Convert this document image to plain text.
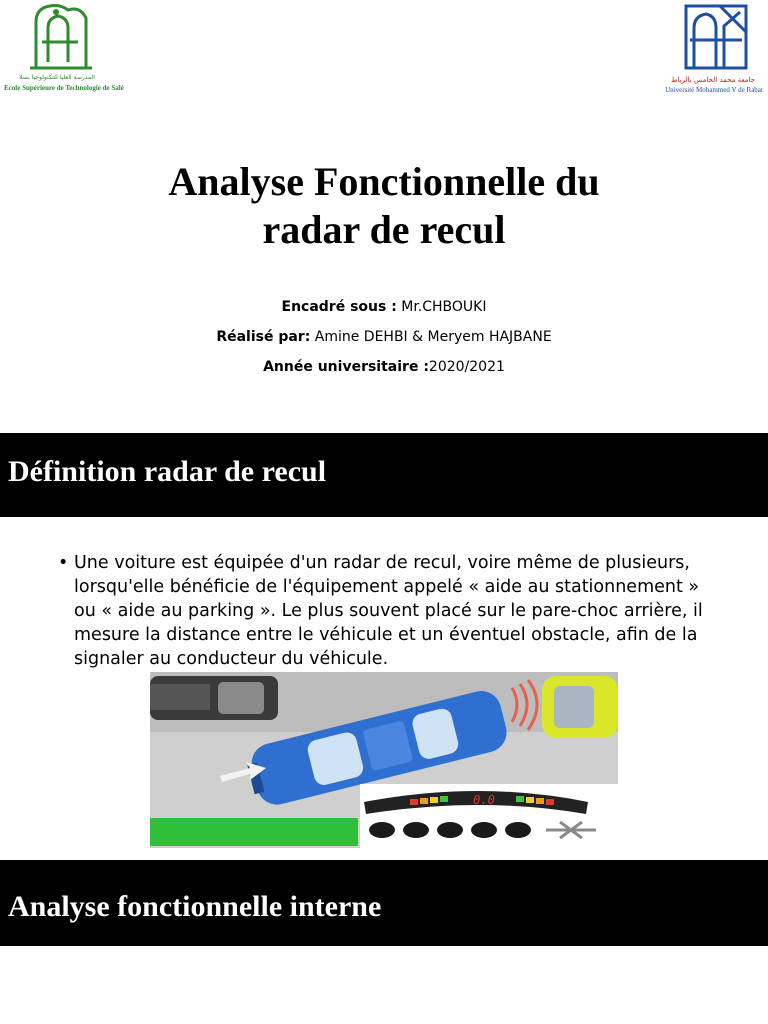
المدرسة العليا للتكنولوجيا بسلا
Ecole Supérieure de Technologie de Salé
جامعة محمد الخامس بالرباط
Université Mohammed V de Rabat
Analyse Fonctionnelle du
radar de recul
Encadré sous : Mr.CHBOUKI
Réalisé par: Amine DEHBI & Meryem HAJBANE
Année universitaire :2020/2021
Définition radar de recul
• Une voiture est équipée d'un radar de recul, voire même de plusieurs, lorsqu'elle bénéficie de l'équipement appelé « aide au stationnement » ou « aide au parking ». Le plus souvent placé sur le pare-choc arrière, il mesure la distance entre le véhicule et un éventuel obstacle, afin de la signaler au conducteur du véhicule.
0.0
Analyse fonctionnelle interne
